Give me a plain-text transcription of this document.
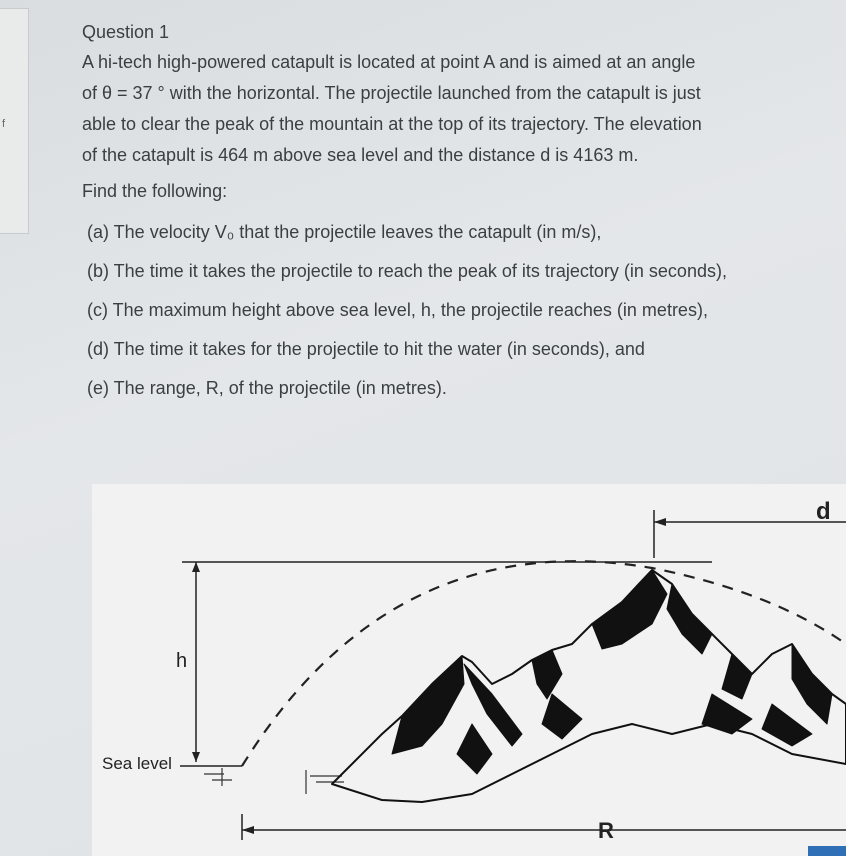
f
Question 1

A hi-tech high-powered catapult is located at point A and is aimed at an angle

of θ = 37 ° with the horizontal. The projectile launched from the catapult is just

able to clear the peak of the mountain at the top of its trajectory. The elevation

of the catapult is 464 m above sea level and the distance d is 4163 m.

Find the following:
(a) The velocity V₀ that the projectile leaves the catapult (in m/s),
(b) The time it takes the projectile to reach the peak of its trajectory (in seconds),
(c) The maximum height above sea level, h, the projectile reaches (in metres),
(d) The time it takes for the projectile to hit the water (in seconds), and
(e) The range, R, of the projectile (in metres).
d
h
Sea level
R
